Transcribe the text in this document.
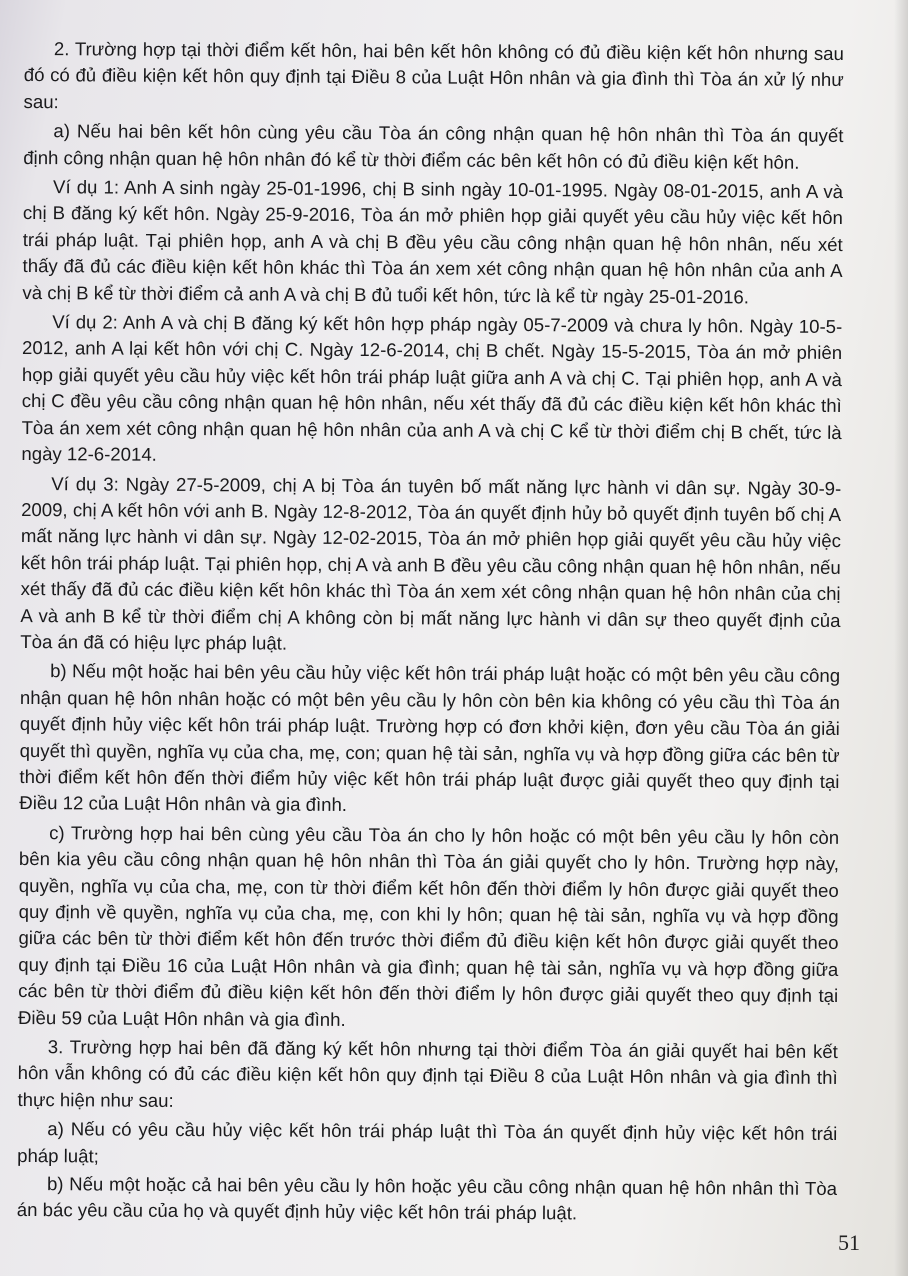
2. Trường hợp tại thời điểm kết hôn, hai bên kết hôn không có đủ điều kiện kết hôn nhưng sau đó có đủ điều kiện kết hôn quy định tại Điều 8 của Luật Hôn nhân và gia đình thì Tòa án xử lý như sau:

a) Nếu hai bên kết hôn cùng yêu cầu Tòa án công nhận quan hệ hôn nhân thì Tòa án quyết định công nhận quan hệ hôn nhân đó kể từ thời điểm các bên kết hôn có đủ điều kiện kết hôn.

Ví dụ 1: Anh A sinh ngày 25-01-1996, chị B sinh ngày 10-01-1995. Ngày 08-01-2015, anh A và chị B đăng ký kết hôn. Ngày 25-9-2016, Tòa án mở phiên họp giải quyết yêu cầu hủy việc kết hôn trái pháp luật. Tại phiên họp, anh A và chị B đều yêu cầu công nhận quan hệ hôn nhân, nếu xét thấy đã đủ các điều kiện kết hôn khác thì Tòa án xem xét công nhận quan hệ hôn nhân của anh A và chị B kể từ thời điểm cả anh A và chị B đủ tuổi kết hôn, tức là kể từ ngày 25-01-2016.

Ví dụ 2: Anh A và chị B đăng ký kết hôn hợp pháp ngày 05-7-2009 và chưa ly hôn. Ngày 10-5-2012, anh A lại kết hôn với chị C. Ngày 12-6-2014, chị B chết. Ngày 15-5-2015, Tòa án mở phiên họp giải quyết yêu cầu hủy việc kết hôn trái pháp luật giữa anh A và chị C. Tại phiên họp, anh A và chị C đều yêu cầu công nhận quan hệ hôn nhân, nếu xét thấy đã đủ các điều kiện kết hôn khác thì Tòa án xem xét công nhận quan hệ hôn nhân của anh A và chị C kể từ thời điểm chị B chết, tức là ngày 12-6-2014.

Ví dụ 3: Ngày 27-5-2009, chị A bị Tòa án tuyên bố mất năng lực hành vi dân sự. Ngày 30-9-2009, chị A kết hôn với anh B. Ngày 12-8-2012, Tòa án quyết định hủy bỏ quyết định tuyên bố chị A mất năng lực hành vi dân sự. Ngày 12-02-2015, Tòa án mở phiên họp giải quyết yêu cầu hủy việc kết hôn trái pháp luật. Tại phiên họp, chị A và anh B đều yêu cầu công nhận quan hệ hôn nhân, nếu xét thấy đã đủ các điều kiện kết hôn khác thì Tòa án xem xét công nhận quan hệ hôn nhân của chị A và anh B kể từ thời điểm chị A không còn bị mất năng lực hành vi dân sự theo quyết định của Tòa án đã có hiệu lực pháp luật.

b) Nếu một hoặc hai bên yêu cầu hủy việc kết hôn trái pháp luật hoặc có một bên yêu cầu công nhận quan hệ hôn nhân hoặc có một bên yêu cầu ly hôn còn bên kia không có yêu cầu thì Tòa án quyết định hủy việc kết hôn trái pháp luật. Trường hợp có đơn khởi kiện, đơn yêu cầu Tòa án giải quyết thì quyền, nghĩa vụ của cha, mẹ, con; quan hệ tài sản, nghĩa vụ và hợp đồng giữa các bên từ thời điểm kết hôn đến thời điểm hủy việc kết hôn trái pháp luật được giải quyết theo quy định tại Điều 12 của Luật Hôn nhân và gia đình.

c) Trường hợp hai bên cùng yêu cầu Tòa án cho ly hôn hoặc có một bên yêu cầu ly hôn còn bên kia yêu cầu công nhận quan hệ hôn nhân thì Tòa án giải quyết cho ly hôn. Trường hợp này, quyền, nghĩa vụ của cha, mẹ, con từ thời điểm kết hôn đến thời điểm ly hôn được giải quyết theo quy định về quyền, nghĩa vụ của cha, mẹ, con khi ly hôn; quan hệ tài sản, nghĩa vụ và hợp đồng giữa các bên từ thời điểm kết hôn đến trước thời điểm đủ điều kiện kết hôn được giải quyết theo quy định tại Điều 16 của Luật Hôn nhân và gia đình; quan hệ tài sản, nghĩa vụ và hợp đồng giữa các bên từ thời điểm đủ điều kiện kết hôn đến thời điểm ly hôn được giải quyết theo quy định tại Điều 59 của Luật Hôn nhân và gia đình.

3. Trường hợp hai bên đã đăng ký kết hôn nhưng tại thời điểm Tòa án giải quyết hai bên kết hôn vẫn không có đủ các điều kiện kết hôn quy định tại Điều 8 của Luật Hôn nhân và gia đình thì thực hiện như sau:

a) Nếu có yêu cầu hủy việc kết hôn trái pháp luật thì Tòa án quyết định hủy việc kết hôn trái pháp luật;

b) Nếu một hoặc cả hai bên yêu cầu ly hôn hoặc yêu cầu công nhận quan hệ hôn nhân thì Tòa án bác yêu cầu của họ và quyết định hủy việc kết hôn trái pháp luật.

51
